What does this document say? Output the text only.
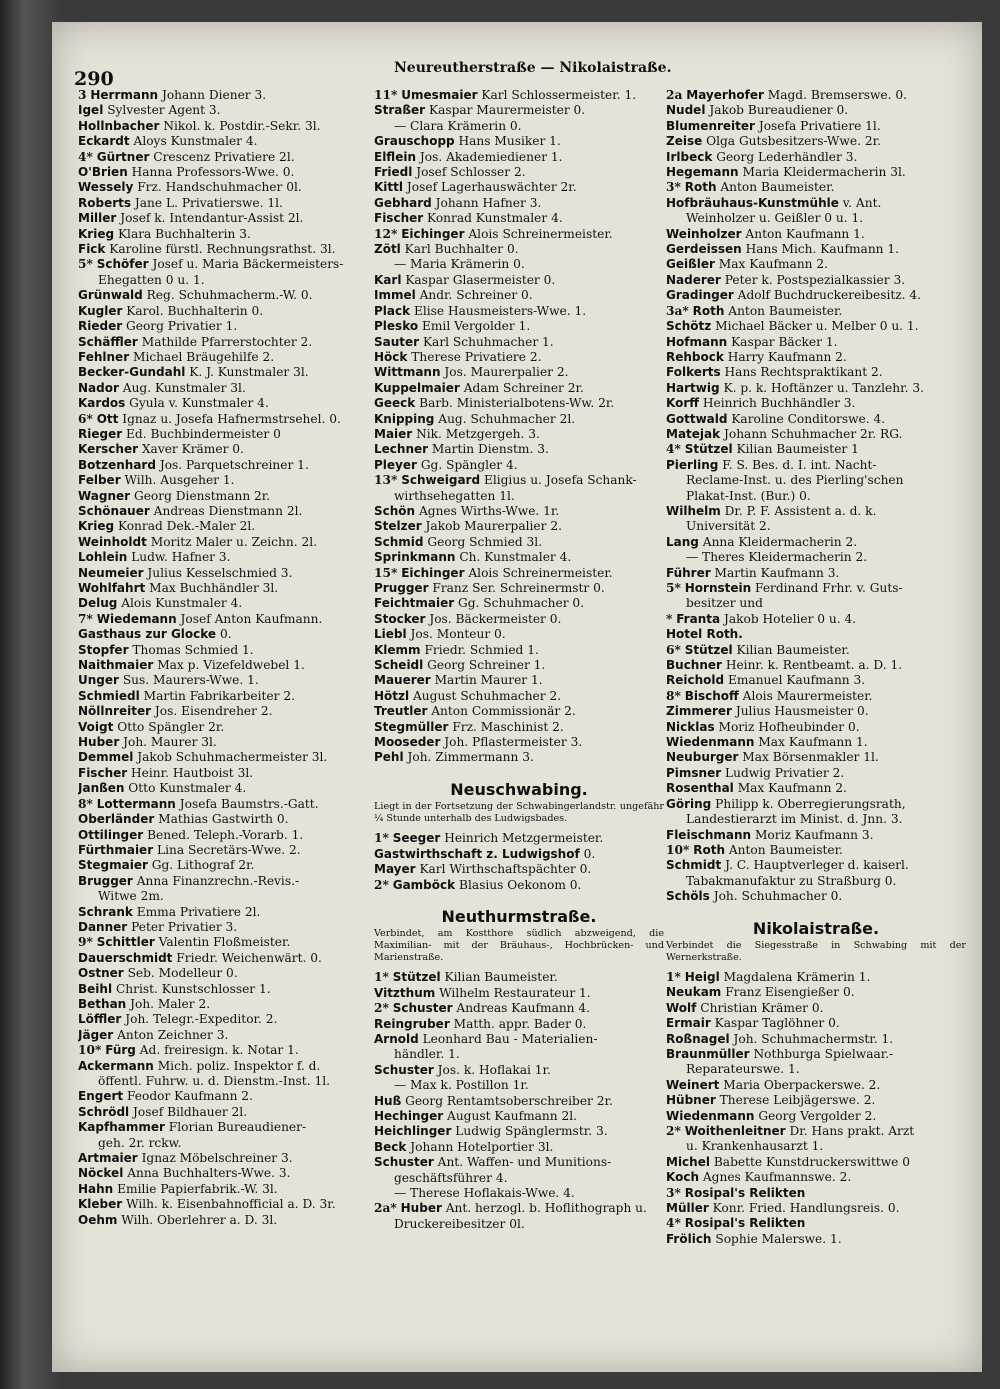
290	Neureutherstraße — Nikolaistraße.
3 Herrmann Johann Diener 3.
Igel Sylvester Agent 3.
Hollnbacher Nikol. k. Postdir.-Sekr. 3l.
Eckardt Aloys Kunstmaler 4.
4* Gürtner Crescenz Privatiere 2l.
O'Brien Hanna Professors-Wwe. 0.
Wessely Frz. Handschuhmacher 0l.
Roberts Jane L. Privatierswe. 1l.
Miller Josef k. Intendantur-Assist 2l.
Krieg Klara Buchhalterin 3.
Fick Karoline fürstl. Rechnungsrathst. 3l.
5* Schöfer Josef u. Maria Bäckermeisters-
Ehegatten 0 u. 1.
Grünwald Reg. Schuhmacherm.-W. 0.
Kugler Karol. Buchhalterin 0.
Rieder Georg Privatier 1.
Schäffler Mathilde Pfarrerstochter 2.
Fehlner Michael Bräugehilfe 2.
Becker-Gundahl K. J. Kunstmaler 3l.
Nador Aug. Kunstmaler 3l.
Kardos Gyula v. Kunstmaler 4.
6* Ott Ignaz u. Josefa Hafnermstrsehel. 0.
Rieger Ed. Buchbindermeister 0
Kerscher Xaver Krämer 0.
Botzenhard Jos. Parquetschreiner 1.
Felber Wilh. Ausgeher 1.
Wagner Georg Dienstmann 2r.
Schönauer Andreas Dienstmann 2l.
Krieg Konrad Dek.-Maler 2l.
Weinholdt Moritz Maler u. Zeichn. 2l.
Lohlein Ludw. Hafner 3.
Neumeier Julius Kesselschmied 3.
Wohlfahrt Max Buchhändler 3l.
Delug Alois Kunstmaler 4.
7* Wiedemann Josef Anton Kaufmann.
Gasthaus zur Glocke 0.
Stopfer Thomas Schmied 1.
Naithmaier Max p. Vizefeldwebel 1.
Unger Sus. Maurers-Wwe. 1.
Schmiedl Martin Fabrikarbeiter 2.
Nöllnreiter Jos. Eisendreher 2.
Voigt Otto Spängler 2r.
Huber Joh. Maurer 3l.
Demmel Jakob Schuhmachermeister 3l.
Fischer Heinr. Hautboist 3l.
Janßen Otto Kunstmaler 4.
8* Lottermann Josefa Baumstrs.-Gatt.
Oberländer Mathias Gastwirth 0.
Ottilinger Bened. Teleph.-Vorarb. 1.
Fürthmaier Lina Secretärs-Wwe. 2.
Stegmaier Gg. Lithograf 2r.
Brugger Anna Finanzrechn.-Revis.-
Witwe 2m.
Schrank Emma Privatiere 2l.
Danner Peter Privatier 3.
9* Schittler Valentin Floßmeister.
Dauerschmidt Friedr. Weichenwärt. 0.
Ostner Seb. Modelleur 0.
Beihl Christ. Kunstschlosser 1.
Bethan Joh. Maler 2.
Löffler Joh. Telegr.-Expeditor. 2.
Jäger Anton Zeichner 3.
10* Fürg Ad. freiresign. k. Notar 1.
Ackermann Mich. poliz. Inspektor f. d.
öffentl. Fuhrw. u. d. Dienstm.-Inst. 1l.
Engert Feodor Kaufmann 2.
Schrödl Josef Bildhauer 2l.
Kapfhammer Florian Bureaudiener-
geh. 2r. rckw.
Artmaier Ignaz Möbelschreiner 3.
Nöckel Anna Buchhalters-Wwe. 3.
Hahn Emilie Papierfabrik.-W. 3l.
Kleber Wilh. k. Eisenbahnofficial a. D. 3r.
Oehm Wilh. Oberlehrer a. D. 3l.
11* Umesmaier Karl Schlossermeister. 1.
Straßer Kaspar Maurermeister 0.
— Clara Krämerin 0.
Grauschopp Hans Musiker 1.
Elflein Jos. Akademiediener 1.
Friedl Josef Schlosser 2.
Kittl Josef Lagerhauswächter 2r.
Gebhard Johann Hafner 3.
Fischer Konrad Kunstmaler 4.
12* Eichinger Alois Schreinermeister.
Zötl Karl Buchhalter 0.
— Maria Krämerin 0.
Karl Kaspar Glasermeister 0.
Immel Andr. Schreiner 0.
Plack Elise Hausmeisters-Wwe. 1.
Plesko Emil Vergolder 1.
Sauter Karl Schuhmacher 1.
Höck Therese Privatiere 2.
Wittmann Jos. Maurerpalier 2.
Kuppelmaier Adam Schreiner 2r.
Geeck Barb. Ministerialbotens-Ww. 2r.
Knipping Aug. Schuhmacher 2l.
Maier Nik. Metzgergeh. 3.
Lechner Martin Dienstm. 3.
Pleyer Gg. Spängler 4.
13* Schweigard Eligius u. Josefa Schank-
wirthsehegatten 1l.
Schön Agnes Wirths-Wwe. 1r.
Stelzer Jakob Maurerpalier 2.
Schmid Georg Schmied 3l.
Sprinkmann Ch. Kunstmaler 4.
15* Eichinger Alois Schreinermeister.
Prugger Franz Ser. Schreinermstr 0.
Feichtmaier Gg. Schuhmacher 0.
Stocker Jos. Bäckermeister 0.
Liebl Jos. Monteur 0.
Klemm Friedr. Schmied 1.
Scheidl Georg Schreiner 1.
Mauerer Martin Maurer 1.
Hötzl August Schuhmacher 2.
Treutler Anton Commissionär 2.
Stegmüller Frz. Maschinist 2.
Mooseder Joh. Pflastermeister 3.
Pehl Joh. Zimmermann 3.
Neuschwabing.
Liegt in der Fortsetzung der Schwabingerlandstr. ungefähr ¼ Stunde unterhalb des Ludwigsbades.
1* Seeger Heinrich Metzgermeister.
Gastwirthschaft z. Ludwigshof 0.
Mayer Karl Wirthschaftspächter 0.
2* Gamböck Blasius Oekonom 0.
Neuthurmstraße.
Verbindet, am Kostthore südlich abzweigend, die Maximilian- mit der Bräuhaus-, Hochbrücken- und Marienstraße.
1* Stützel Kilian Baumeister.
Vitzthum Wilhelm Restaurateur 1.
2* Schuster Andreas Kaufmann 4.
Reingruber Matth. appr. Bader 0.
Arnold Leonhard Bau - Materialien-
händler. 1.
Schuster Jos. k. Hoflakai 1r.
— Max k. Postillon 1r.
Huß Georg Rentamtsoberschreiber 2r.
Hechinger August Kaufmann 2l.
Heichlinger Ludwig Spänglermstr. 3.
Beck Johann Hotelportier 3l.
Schuster Ant. Waffen- und Munitions-
geschäftsführer 4.
— Therese Hoflakais-Wwe. 4.
2a* Huber Ant. herzogl. b. Hoflithograph u.
Druckereibesitzer 0l.
2a Mayerhofer Magd. Bremserswe. 0.
Nudel Jakob Bureaudiener 0.
Blumenreiter Josefa Privatiere 1l.
Zeise Olga Gutsbesitzers-Wwe. 2r.
Irlbeck Georg Lederhändler 3.
Hegemann Maria Kleidermacherin 3l.
3* Roth Anton Baumeister.
Hofbräuhaus-Kunstmühle v. Ant.
Weinholzer u. Geißler 0 u. 1.
Weinholzer Anton Kaufmann 1.
Gerdeissen Hans Mich. Kaufmann 1.
Geißler Max Kaufmann 2.
Naderer Peter k. Postspezialkassier 3.
Gradinger Adolf Buchdruckereibesitz. 4.
3a* Roth Anton Baumeister.
Schötz Michael Bäcker u. Melber 0 u. 1.
Hofmann Kaspar Bäcker 1.
Rehbock Harry Kaufmann 2.
Folkerts Hans Rechtspraktikant 2.
Hartwig K. p. k. Hoftänzer u. Tanzlehr. 3.
Korff Heinrich Buchhändler 3.
Gottwald Karoline Conditorswe. 4.
Matejak Johann Schuhmacher 2r. RG.
4* Stützel Kilian Baumeister 1
Pierling F. S. Bes. d. I. int. Nacht-
Reclame-Inst. u. des Pierling'schen
Plakat-Inst. (Bur.) 0.
Wilhelm Dr. P. F. Assistent a. d. k.
Universität 2.
Lang Anna Kleidermacherin 2.
— Theres Kleidermacherin 2.
Führer Martin Kaufmann 3.
5* Hornstein Ferdinand Frhr. v. Guts-
besitzer und
* Franta Jakob Hotelier 0 u. 4.
Hotel Roth.
6* Stützel Kilian Baumeister.
Buchner Heinr. k. Rentbeamt. a. D. 1.
Reichold Emanuel Kaufmann 3.
8* Bischoff Alois Maurermeister.
Zimmerer Julius Hausmeister 0.
Nicklas Moriz Hofheubinder 0.
Wiedenmann Max Kaufmann 1.
Neuburger Max Börsenmakler 1l.
Pimsner Ludwig Privatier 2.
Rosenthal Max Kaufmann 2.
Göring Philipp k. Oberregierungsrath,
Landestierarzt im Minist. d. Jnn. 3.
Fleischmann Moriz Kaufmann 3.
10* Roth Anton Baumeister.
Schmidt J. C. Hauptverleger d. kaiserl.
Tabakmanufaktur zu Straßburg 0.
Schöls Joh. Schuhmacher 0.
Nikolaistraße.
Verbindet die Siegesstraße in Schwabing mit der Wernerkstraße.
1* Heigl Magdalena Krämerin 1.
Neukam Franz Eisengießer 0.
Wolf Christian Krämer 0.
Ermair Kaspar Taglöhner 0.
Roßnagel Joh. Schuhmachermstr. 1.
Braunmüller Nothburga Spielwaar.-
Reparateurswe. 1.
Weinert Maria Oberpackerswe. 2.
Hübner Therese Leibjägerswe. 2.
Wiedenmann Georg Vergolder 2.
2* Woithenleitner Dr. Hans prakt. Arzt
u. Krankenhausarzt 1.
Michel Babette Kunstdruckerswittwe 0
Koch Agnes Kaufmannswe. 2.
3* Rosipal's Relikten
Müller Konr. Fried. Handlungsreis. 0.
4* Rosipal's Relikten
Frölich Sophie Malerswe. 1.
